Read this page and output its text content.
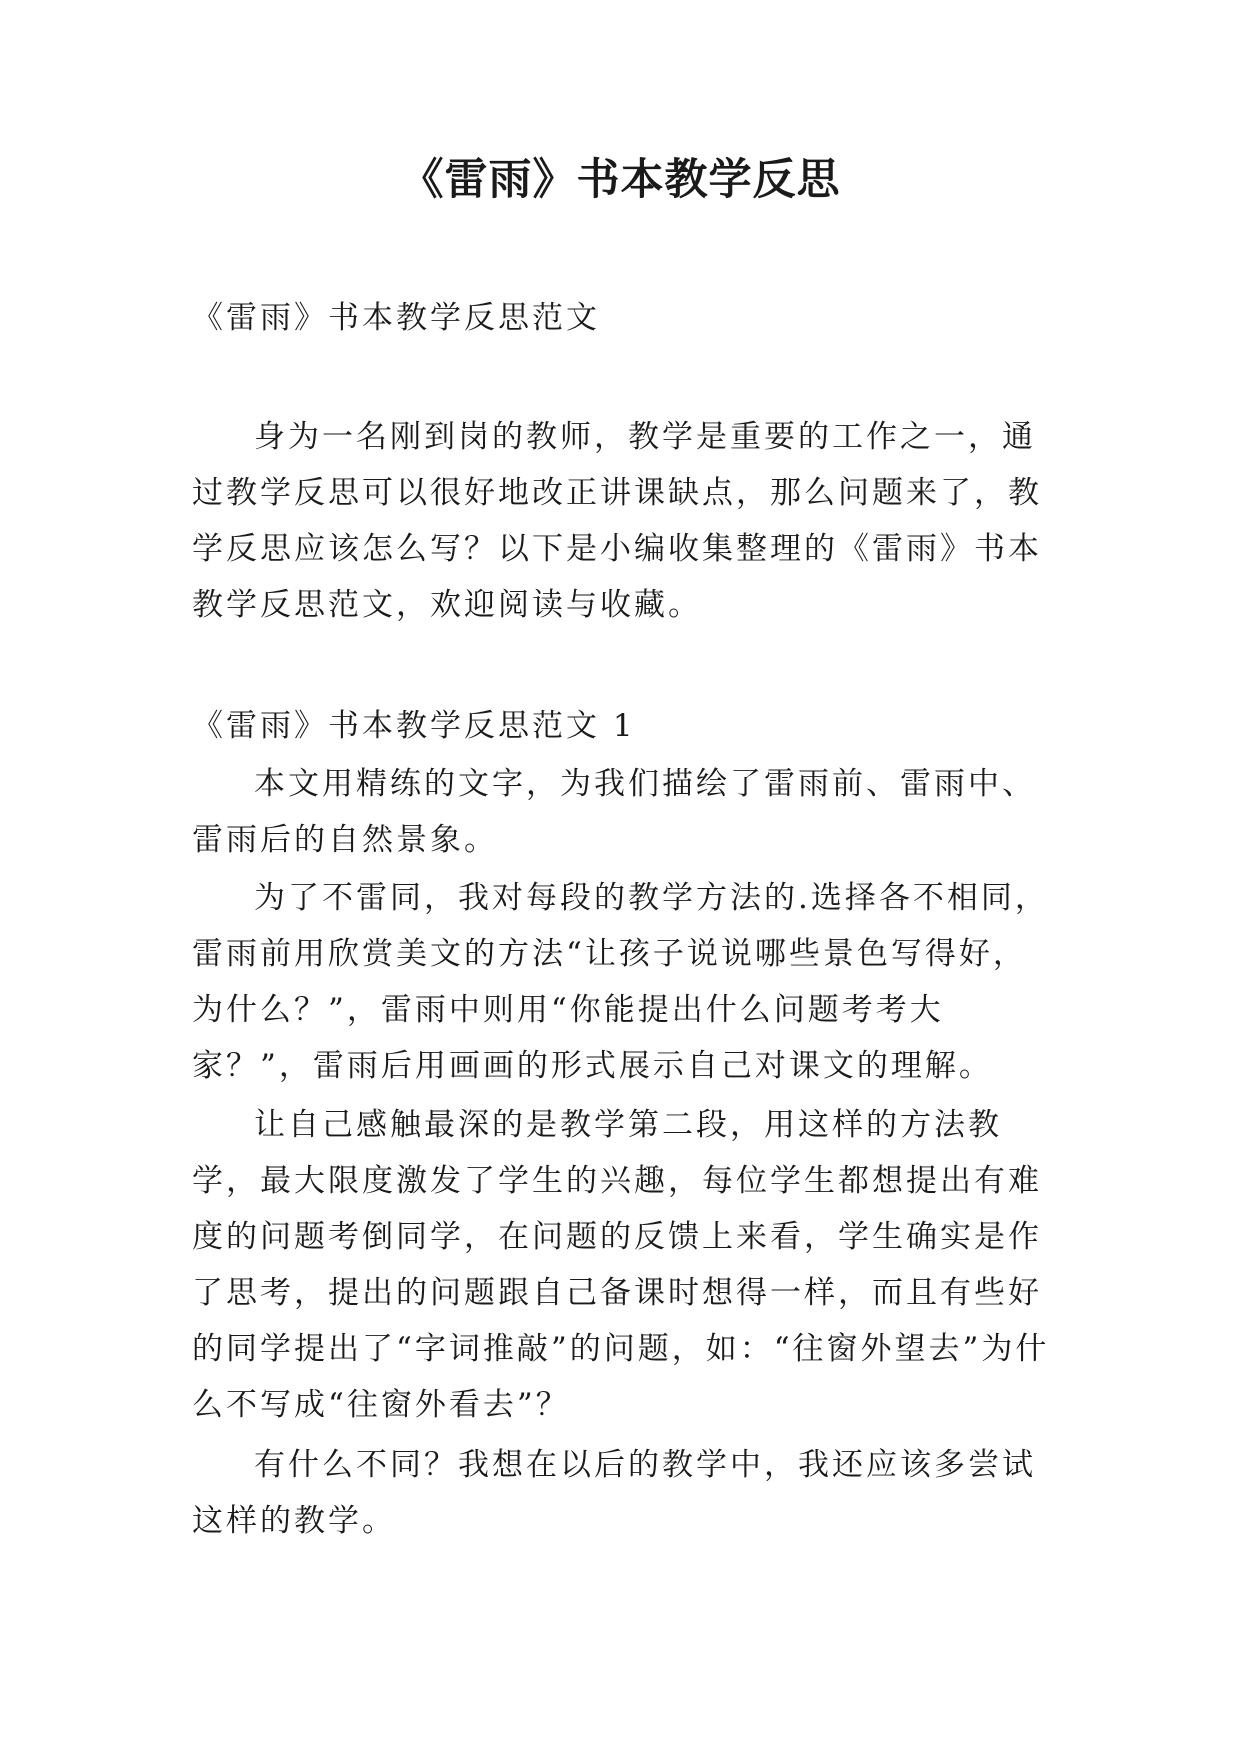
《雷雨》书本教学反思

《雷雨》书本教学反思范文

身为一名刚到岗的教师，教学是重要的工作之一，通过教学反思可以很好地改正讲课缺点，那么问题来了，教学反思应该怎么写？以下是小编收集整理的《雷雨》书本教学反思范文，欢迎阅读与收藏。

《雷雨》书本教学反思范文 1

本文用精练的文字，为我们描绘了雷雨前、雷雨中、雷雨后的自然景象。

为了不雷同，我对每段的教学方法的.选择各不相同，雷雨前用欣赏美文的方法“让孩子说说哪些景色写得好，为什么？”，雷雨中则用“你能提出什么问题考考大家？”，雷雨后用画画的形式展示自己对课文的理解。

让自己感触最深的是教学第二段，用这样的方法教学，最大限度激发了学生的兴趣，每位学生都想提出有难度的问题考倒同学，在问题的反馈上来看，学生确实是作了思考，提出的问题跟自己备课时想得一样，而且有些好的同学提出了“字词推敲”的问题，如：“往窗外望去”为什么不写成“往窗外看去”？

有什么不同？我想在以后的教学中，我还应该多尝试这样的教学。
